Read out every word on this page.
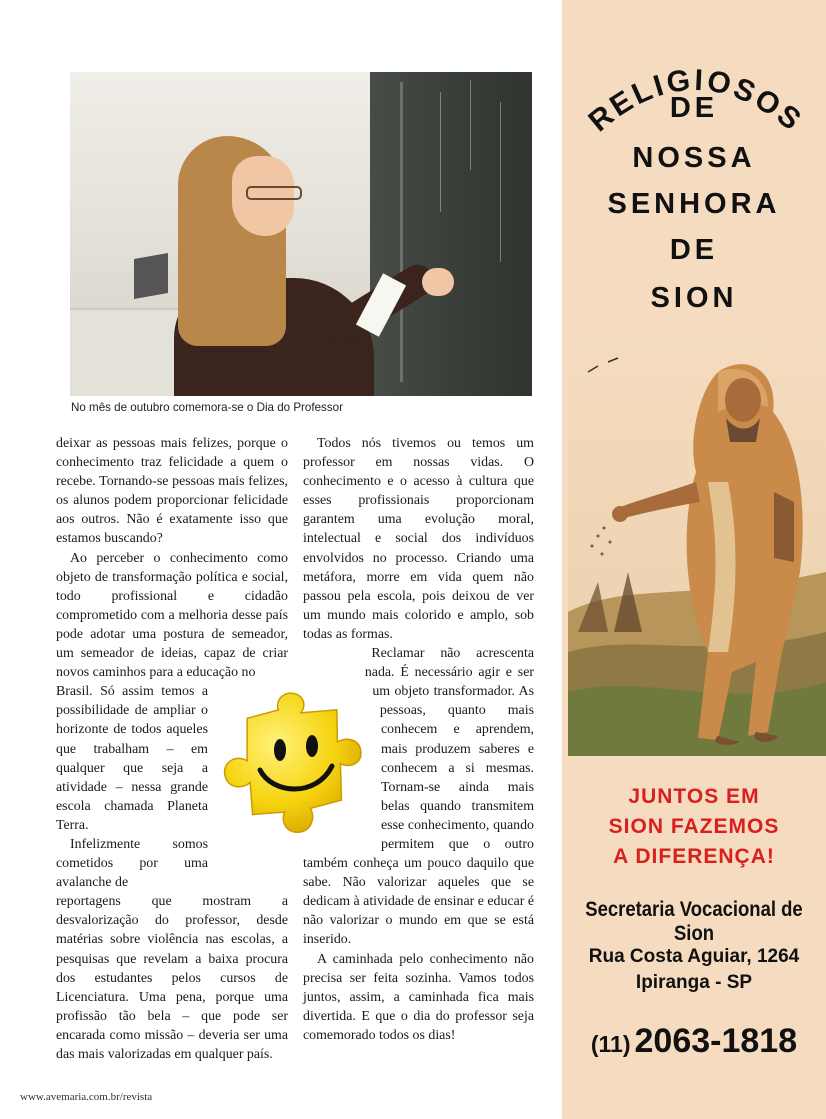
No mês de outubro comemora-se o Dia do Professor

deixar as pessoas mais felizes, porque o conhecimento traz felicidade a quem o recebe. Tornando-se pessoas mais felizes, os alunos podem proporcionar felicidade aos outros. Não é exatamente isso que estamos buscando?

Ao perceber o conhecimento como objeto de transformação política e social, todo profissional e cidadão comprometido com a melhoria desse país pode adotar uma postura de semeador, um semeador de ideias, capaz de criar novos caminhos para a educação no

Brasil. Só assim temos a possibilidade de ampliar o horizonte de todos aqueles que trabalham – em qualquer que seja a atividade – nessa grande escola chamada Planeta Terra.

Infelizmente somos cometidos por uma avalanche de

reportagens que mostram a desvalorização do professor, desde matérias sobre violência nas escolas, a pesquisas que revelam a baixa procura dos estudantes pelos cursos de Licenciatura. Uma pena, porque uma profissão tão bela – que pode ser encarada como missão – deveria ser uma das mais valorizadas em qualquer país.

Todos nós tivemos ou temos um professor em nossas vidas. O conhecimento e o acesso à cultura que esses profissionais proporcionam garantem uma evolução moral, intelectual e social dos indivíduos envolvidos no processo. Criando uma metáfora, morre em vida quem não passou pela escola, pois deixou de ver um mundo mais colorido e amplo, sob todas as formas.

Reclamar não acrescenta nada. É necessário agir e ser um objeto transformador. As pessoas, quanto mais conhecem e aprendem, mais produzem saberes e conhecem a si mesmas. Tornam-se ainda mais belas quando transmitem esse conhecimento, quando permitem que o outro também conheça um pouco daquilo que sabe. Não valorizar aqueles que se dedicam à atividade de ensinar e educar é não valorizar o mundo em que se está inserido.

A caminhada pelo conhecimento não precisa ser feita sozinha. Vamos todos juntos, assim, a caminhada fica mais divertida. E que o dia do professor seja comemorado todos os dias!

www.avemaria.com.br/revista
RELIGIOSOS
DE
NOSSA
SENHORA
DE
SION
JUNTOS EM
SION FAZEMOS
A DIFERENÇA!
Secretaria Vocacional de Sion
Rua Costa Aguiar, 1264
Ipiranga - SP
(11) 2063-1818
